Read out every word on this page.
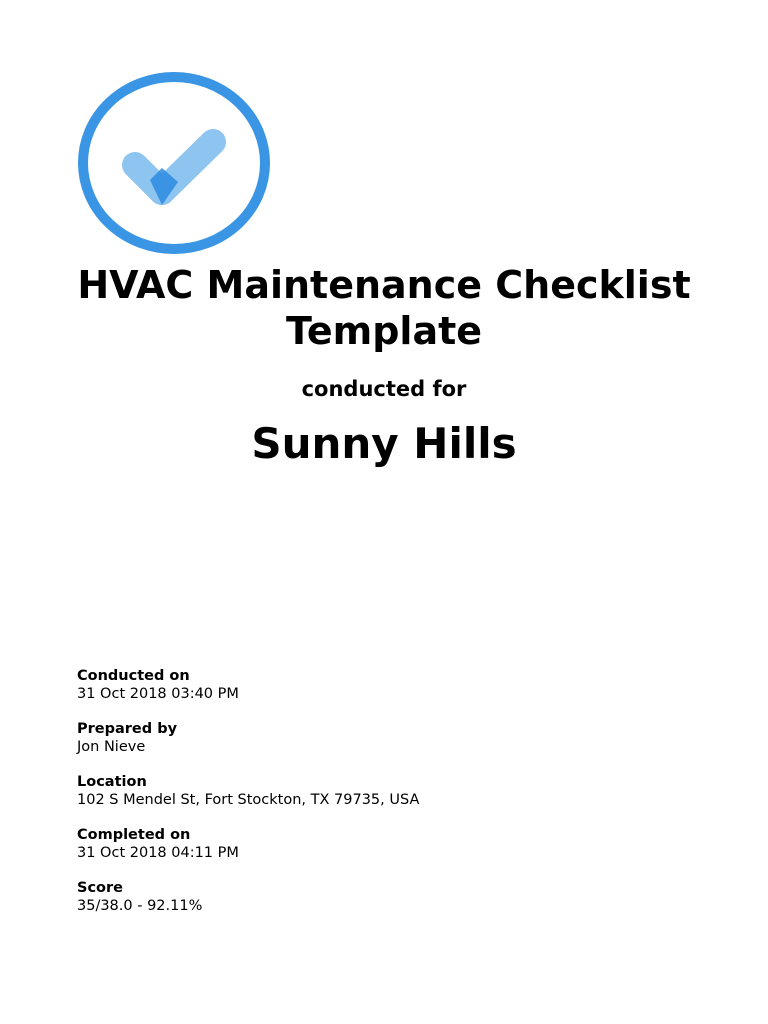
HVAC Maintenance Checklist Template
conducted for
Sunny Hills
Conducted on
31 Oct 2018 03:40 PM
Prepared by
Jon Nieve
Location
102 S Mendel St, Fort Stockton, TX 79735, USA
Completed on
31 Oct 2018 04:11 PM
Score
35/38.0 - 92.11%
